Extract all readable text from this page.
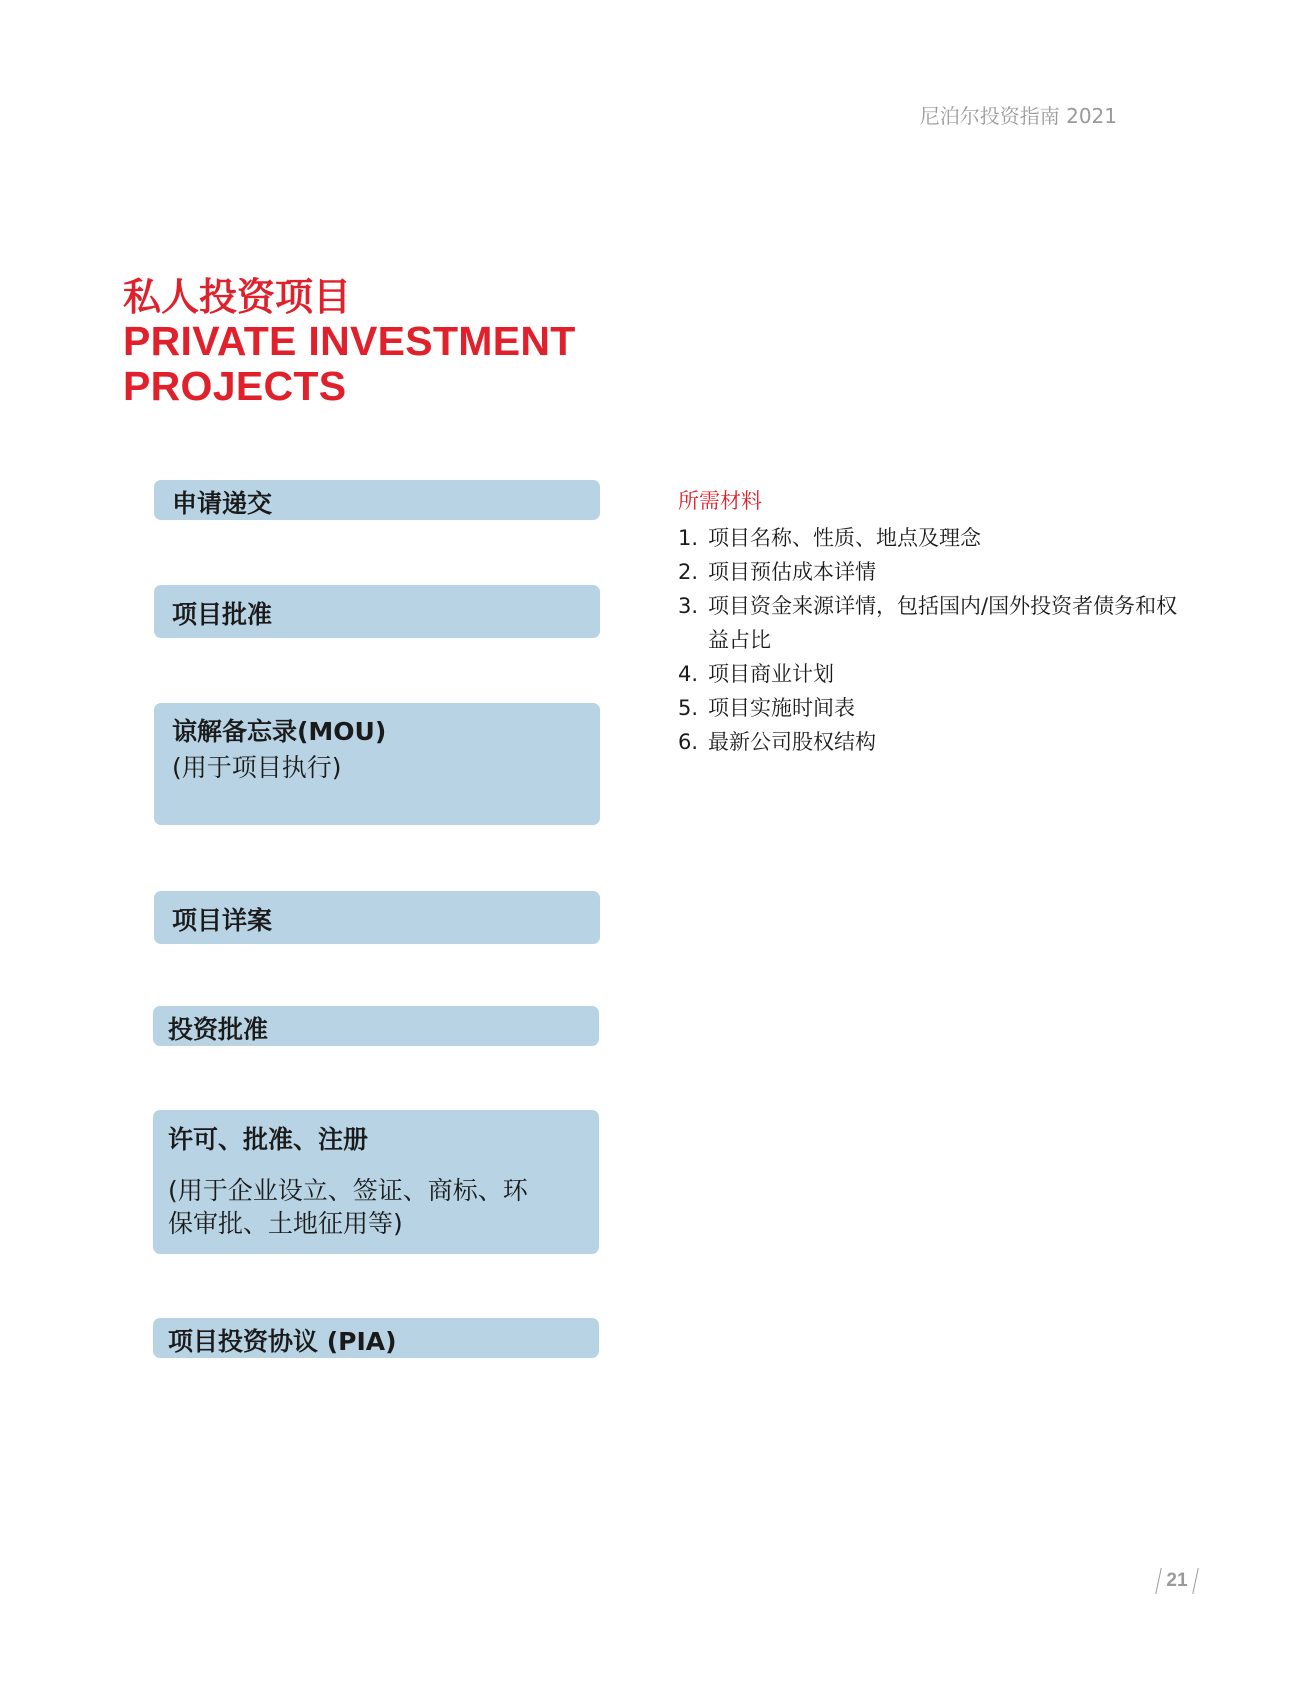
尼泊尔投资指南 2021
私人投资项目
PRIVATE INVESTMENT
PROJECTS
申请递交
项目批准
谅解备忘录(MOU)
(用于项目执行)
项目详案
投资批准
许可、批准、注册
(用于企业设立、签证、商标、环保审批、土地征用等)
项目投资协议 (PIA)
所需材料
1. 项目名称、性质、地点及理念
2. 项目预估成本详情
3. 项目资金来源详情，包括国内/国外投资者债务和权益占比
4. 项目商业计划
5. 项目实施时间表
6. 最新公司股权结构
21
